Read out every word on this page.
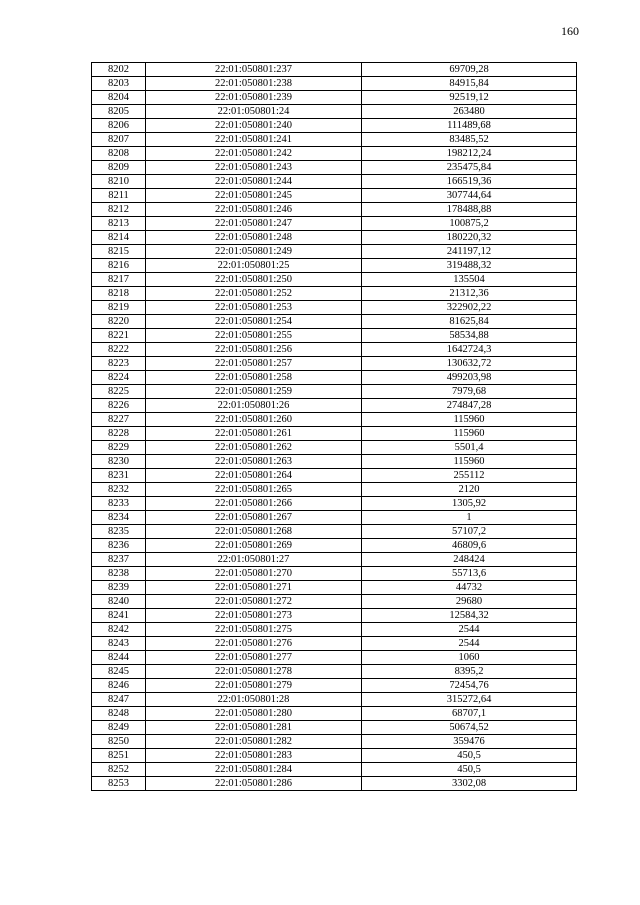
160
8202	22:01:050801:237	69709,28
8203	22:01:050801:238	84915,84
8204	22:01:050801:239	92519,12
8205	22:01:050801:24	263480
8206	22:01:050801:240	111489,68
8207	22:01:050801:241	83485,52
8208	22:01:050801:242	198212,24
8209	22:01:050801:243	235475,84
8210	22:01:050801:244	166519,36
8211	22:01:050801:245	307744,64
8212	22:01:050801:246	178488,88
8213	22:01:050801:247	100875,2
8214	22:01:050801:248	180220,32
8215	22:01:050801:249	241197,12
8216	22:01:050801:25	319488,32
8217	22:01:050801:250	135504
8218	22:01:050801:252	21312,36
8219	22:01:050801:253	322902,22
8220	22:01:050801:254	81625,84
8221	22:01:050801:255	58534,88
8222	22:01:050801:256	1642724,3
8223	22:01:050801:257	130632,72
8224	22:01:050801:258	499203,98
8225	22:01:050801:259	7979,68
8226	22:01:050801:26	274847,28
8227	22:01:050801:260	115960
8228	22:01:050801:261	115960
8229	22:01:050801:262	5501,4
8230	22:01:050801:263	115960
8231	22:01:050801:264	255112
8232	22:01:050801:265	2120
8233	22:01:050801:266	1305,92
8234	22:01:050801:267	1
8235	22:01:050801:268	57107,2
8236	22:01:050801:269	46809,6
8237	22:01:050801:27	248424
8238	22:01:050801:270	55713,6
8239	22:01:050801:271	44732
8240	22:01:050801:272	29680
8241	22:01:050801:273	12584,32
8242	22:01:050801:275	2544
8243	22:01:050801:276	2544
8244	22:01:050801:277	1060
8245	22:01:050801:278	8395,2
8246	22:01:050801:279	72454,76
8247	22:01:050801:28	315272,64
8248	22:01:050801:280	68707,1
8249	22:01:050801:281	50674,52
8250	22:01:050801:282	359476
8251	22:01:050801:283	450,5
8252	22:01:050801:284	450,5
8253	22:01:050801:286	3302,08
